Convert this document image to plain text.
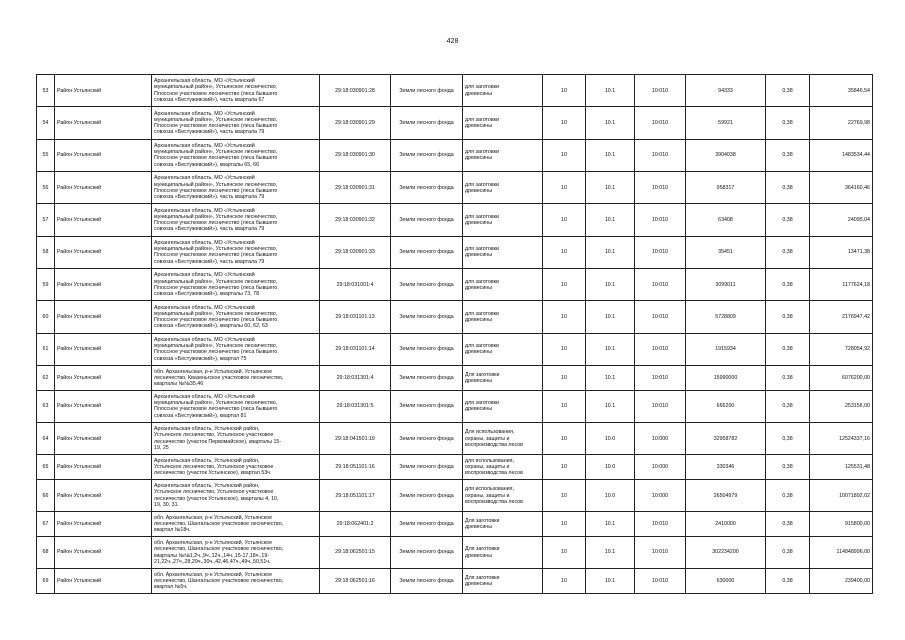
428
53	Район Устьянский	Архангельская область, МО «Устьянский
муниципальный район», Устьянское лесничество,
Плоссное участковое лесничество (леса бывшего
совхоза «Бестужевский»), часть квартала 67	29:18:030901:28	Земли лесного фонда	для заготовки
древесины	10	10.1	10:010	94333	0,38	35846,54
54	Район Устьянский	Архангельская область, МО «Устьянский
муниципальный район», Устьянское лесничество,
Плоссное участковое лесничество (леса бывшего
совхоза «Бестужевский»), часть квартала 79	29:18:030901:29	Земли лесного фонда	для заготовки
древесины	10	10.1	10:010	59921	0,38	22769,98
55	Район Устьянский	Архангельская область, МО «Устьянский
муниципальный район», Устьянское лесничество,
Плоссное участковое лесничество (леса бывшего
совхоза «Бестужевский»), кварталы 65, 66	29:18:030901:30	Земли лесного фонда	для заготовки
древесины	10	10.1	10:010	3904038	0,38	1483534,44
56	Район Устьянский	Архангельская область, МО «Устьянский
муниципальный район», Устьянское лесничество,
Плоссное участковое лесничество (леса бывшего
совхоза «Бестужевский»), часть квартала 79	29:18:030901:31	Земли лесного фонда	для заготовки
древесины	10	10.1	10:010	958317	0,38	364160,46
57	Район Устьянский	Архангельская область, МО «Устьянский
муниципальный район», Устьянское лесничество,
Плоссное участковое лесничество (леса бывшего
совхоза «Бестужевский»), часть квартала 79	29:18:030901:32	Земли лесного фонда	для заготовки
древесины	10	10.1	10:010	63408	0,38	24095,04
58	Район Устьянский	Архангельская область, МО «Устьянский
муниципальный район», Устьянское лесничество,
Плоссное участковое лесничество (леса бывшего
совхоза «Бестужевский»), часть квартала 79	29:18:030901:33	Земли лесного фонда	для заготовки
древесины	10	10.1	10:010	35451	0,38	13471,38
59	Район Устьянский	Архангельская область, МО «Устьянский
муниципальный район», Устьянское лесничество,
Плоссное участковое лесничество (леса бывшего
совхоза «Бестужевский»), кварталы 73, 78	29:18:031001:4	Земли лесного фонда	для заготовки
древесины	10	10.1	10:010	3099011	0,38	1177624,18
60	Район Устьянский	Архангельская область, МО «Устьянский
муниципальный район», Устьянское лесничество,
Плоссное участковое лесничество (леса бывшего
совхоза «Бестужевский»), кварталы 60, 62, 63	29:18:031101:13	Земли лесного фонда	для заготовки
древесины	10	10.1	10:010	5728809	0,38	2176947,42
61	Район Устьянский	Архангельская область, МО «Устьянский
муниципальный район», Устьянское лесничество,
Плоссное участковое лесничество (леса бывшего
совхоза «Бестужевский»), квартал 75	29:18:031101:14	Земли лесного фонда	для заготовки
древесины	10	10.1	10:010	1915934	0,38	728054,92
62	Район Устьянский	обл. Архангельская, р-н Устьянский, Устьянское
лесничество, Квазеньгское участковое лесничество,
кварталы №№35,46	29:18:031301:4	Земли лесного фонда	Для заготовки
древесины	10	10.1	10:010	15990000	0,38	6076200,00
63	Район Устьянский	Архангельская область, МО «Устьянский
муниципальный район», Устьянское лесничество,
Плоссное участковое лесничество (леса бывшего
совхоза «Бестужевский»), квартал 81	29:18:031301:5	Земли лесного фонда	для заготовки
древесины	10	10.1	10:010	666200	0,38	253156,00
64	Район Устьянский	Архангельская область, Устьянский район,
Устьянское лесничество, Устьянское участковое
лесничество (участок Первомайское), кварталы 15-
19, 25	29:18:041501:19	Земли лесного фонда	Для использования,
охраны, защиты и
воспроизводства лесов	10	10.0	10:000	32958782	0,38	12524337,16
65	Район Устьянский	Архангельская область, Устьянский район,
Устьянское лесничество, Устьянское участковое
лесничество (участок Устьянское), квартал 53ч	29:18:051101:16	Земли лесного фонда	для использования,
охраны, защиты и
воспроизводства лесов	10	10.0	10:000	330346	0,38	125531,48
66	Район Устьянский	Архангельская область, Устьянский район,
Устьянское лесничество, Устьянское участковое
лесничество (участок Устьянское), кварталы 4, 10,
19, 30, 31	29:18:051101:17	Земли лесного фонда	для использования,
охраны, защиты и
воспроизводства лесов	10	10.0	10:000	26504979	0,38	10071892,02
67	Район Устьянский	обл. Архангельская, р-н Устьянский, Устьянское
лесничество, Шангальское участковое лесничество,
квартал №18ч.	29:18:062401:2	Земли лесного фонда	Для заготовки
древесины	10	10.1	10:010	2410000	0,38	915800,00
68	Район Устьянский	обл. Архангельская, р-н Устьянский, Устьянское
лесничество, Шангальское участковое лесничество,
кварталы №№1,2ч.,9ч.,12ч.,14ч.,15-17,18ч.,19-
21,22ч.,27ч.,28,29ч.,30ч.,42,46,47ч.,49ч.,50,51ч.	29:18:062501:15	Земли лесного фонда	Для заготовки
древесины	10	10.1	10:010	302234200	0,38	114848996,00
69	Район Устьянский	обл. Архангельская, р-н Устьянский, Устьянское
лесничество, Шангальское участковое лесничество,
квартал №5ч.	29:18:062501:16	Земли лесного фонда	Для заготовки
древесины	10	10.1	10:010	630000	0,38	239400,00
